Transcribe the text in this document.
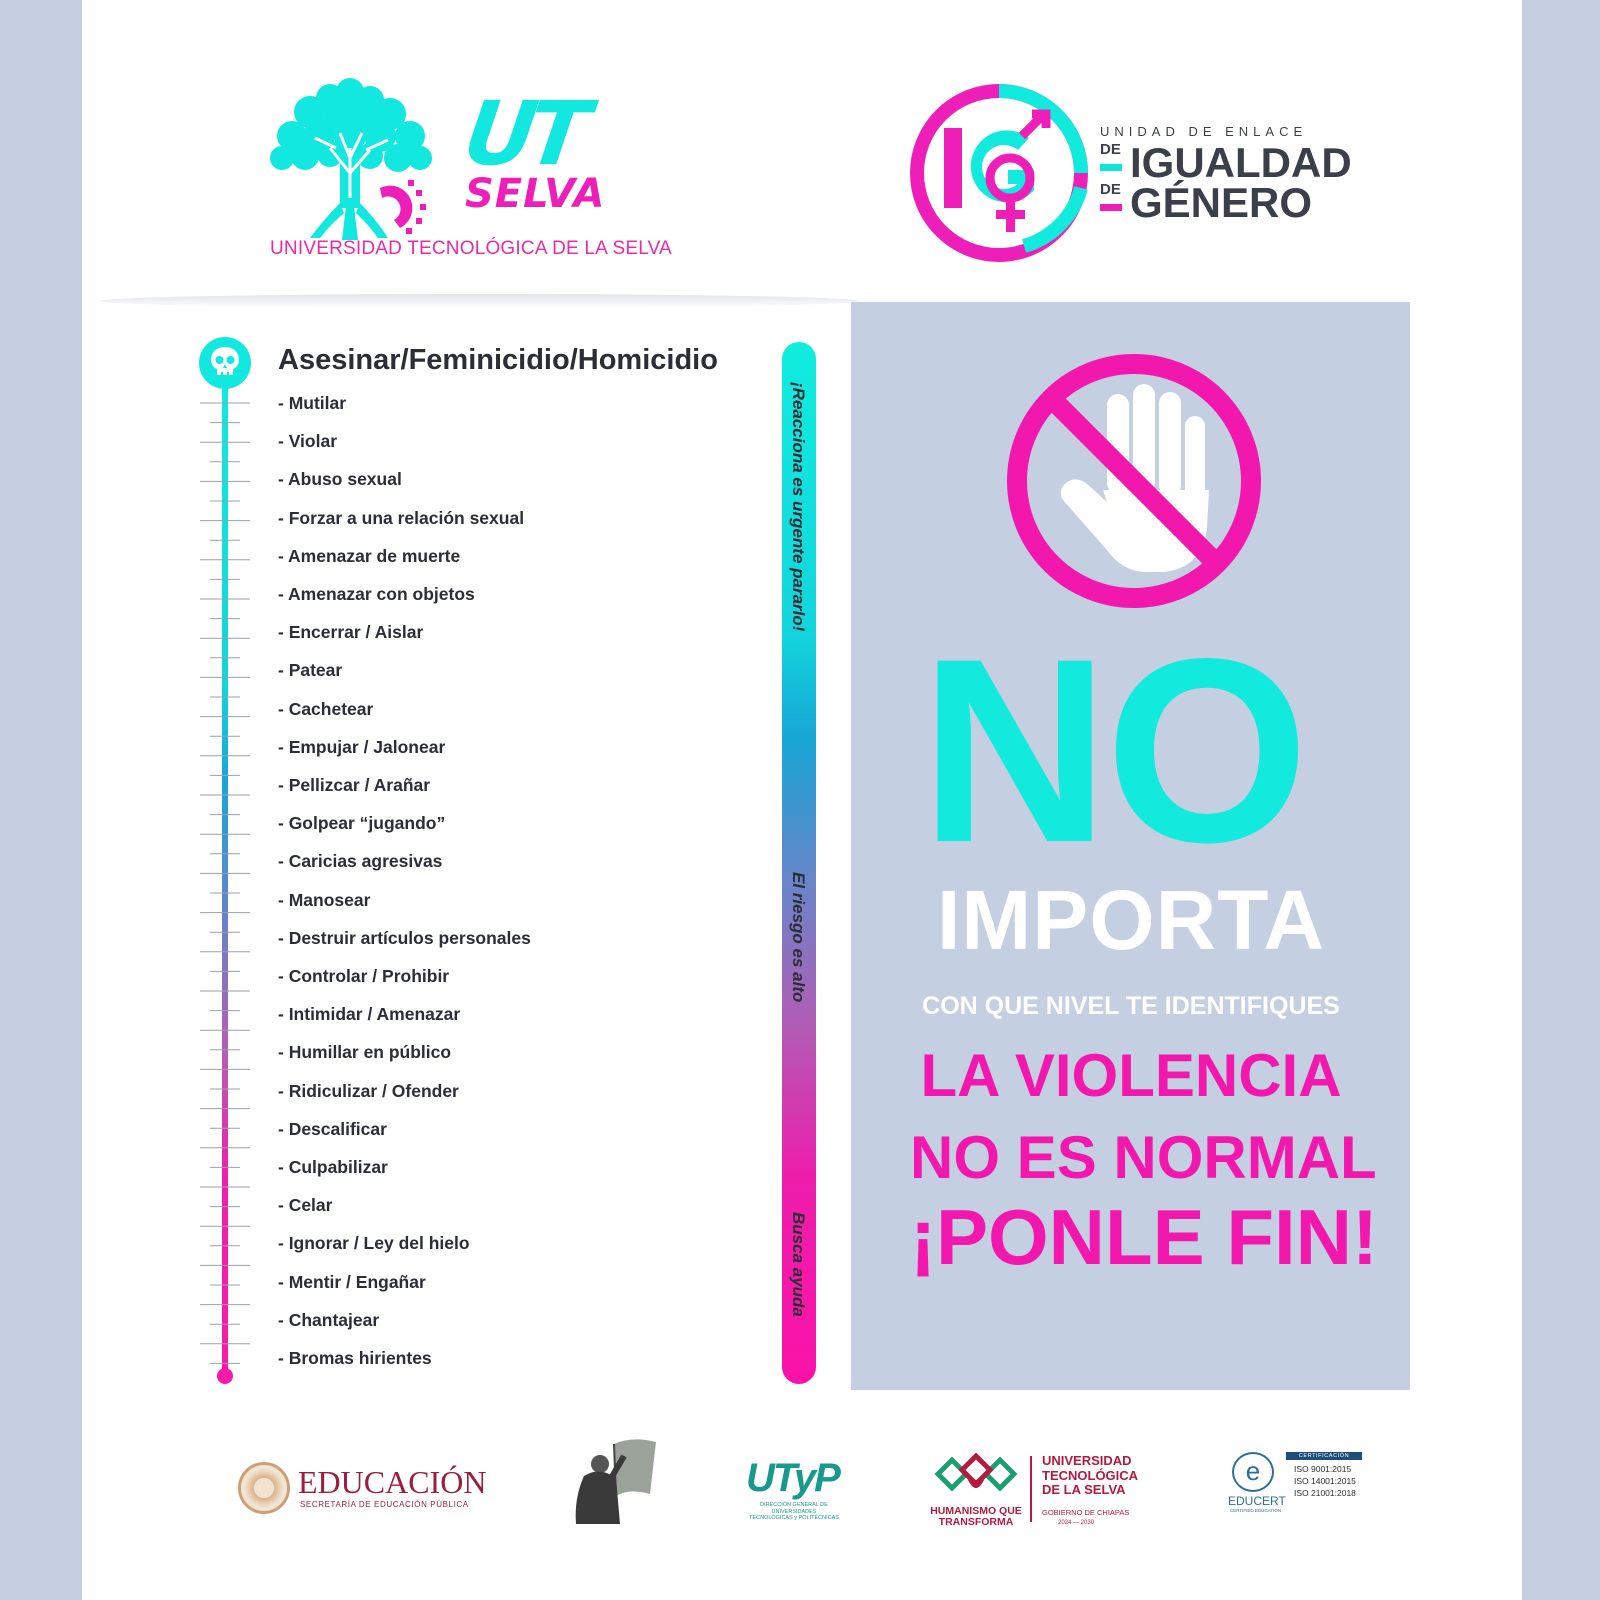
UT
SELVA
UNIVERSIDAD TECNOLÓGICA DE LA SELVA
UNIDAD DE ENLACE
DE IGUALDAD
DE GÉNERO
Asesinar/Feminicidio/Homicidio
- Mutilar
- Violar
- Abuso sexual
- Forzar a una relación sexual
- Amenazar de muerte
- Amenazar con objetos
- Encerrar / Aislar
- Patear
- Cachetear
- Empujar / Jalonear
- Pellizcar / Arañar
- Golpear “jugando”
- Caricias agresivas
- Manosear
- Destruir artículos personales
- Controlar / Prohibir
- Intimidar / Amenazar
- Humillar en público
- Ridiculizar / Ofender
- Descalificar
- Culpabilizar
- Celar
- Ignorar / Ley del hielo
- Mentir / Engañar
- Chantajear
- Bromas hirientes
¡Reacciona es urgente pararlo!
El riesgo es alto
Busca ayuda
NO
IMPORTA
CON QUE NIVEL TE IDENTIFIQUES
LA VIOLENCIA
NO ES NORMAL
¡PONLE FIN!
EDUCACIÓN
SECRETARÍA DE EDUCACIÓN PÚBLICA
UTyP
DIRECCIÓN GENERAL DE UNIVERSIDADES
TECNOLÓGICAS y POLITÉCNICAS
HUMANISMO QUE
TRANSFORMA
UNIVERSIDAD
TECNOLÓGICA
DE LA SELVA
GOBIERNO DE CHIAPAS
2024 — 2030
e
EDUCERT
CERTIFIED EDUCATION
CERTIFICACIÓN
ISO 9001:2015
ISO 14001:2015
ISO 21001:2018
